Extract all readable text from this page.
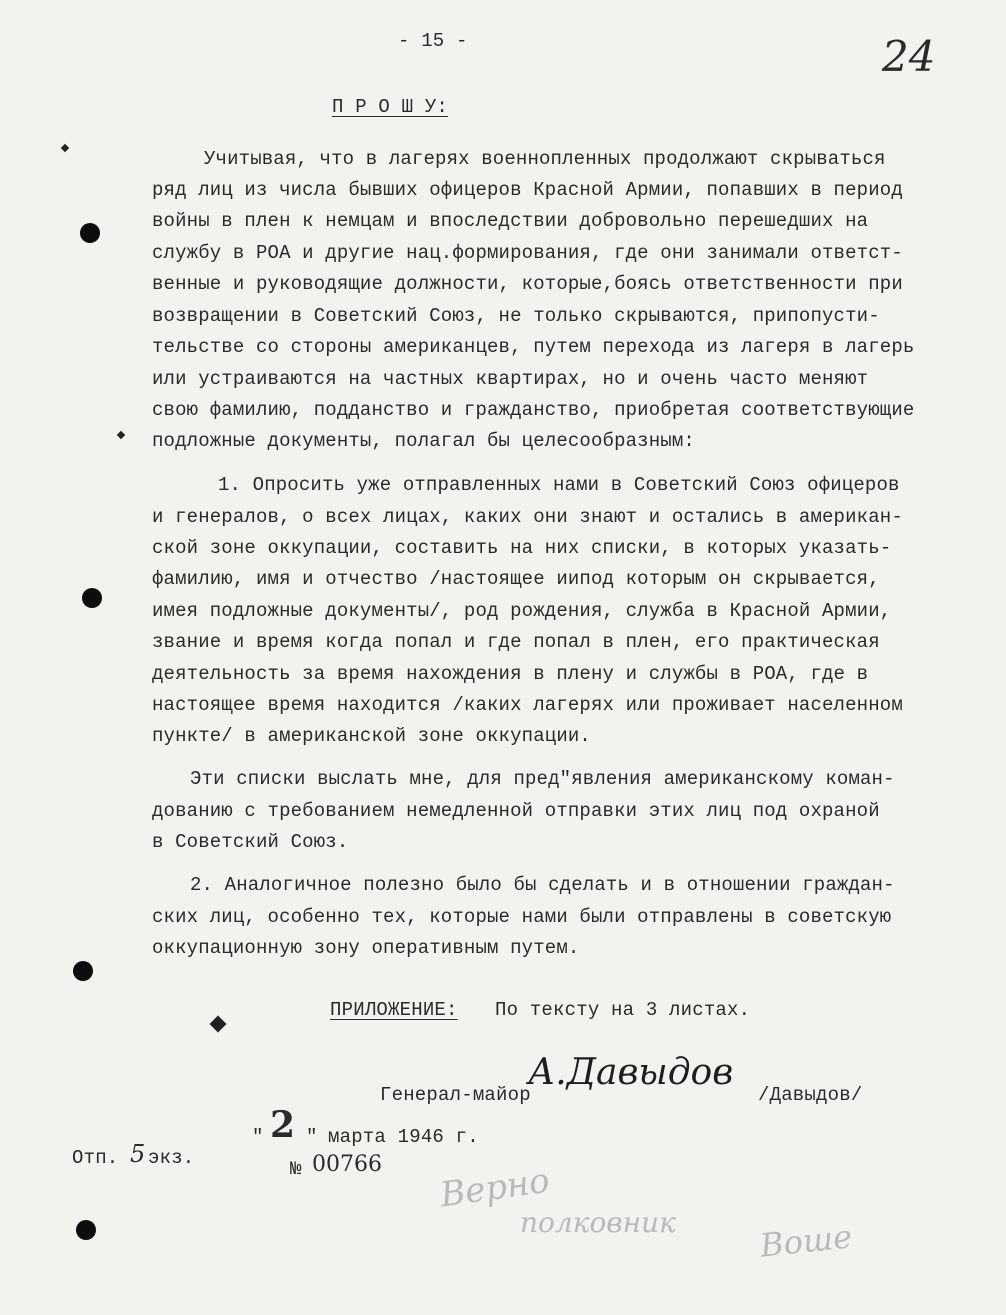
- 15 -	24
П Р О Ш У:
Учитывая, что в лагерях военнопленных продолжают скрываться
ряд лиц из числа бывших офицеров Красной Армии, попавших в период
войны в плен к немцам и впоследствии добровольно перешедших на
службу в РОА и другие нац.формирования, где они занимали ответст-
венные и руководящие должности, которые,боясь ответственности при
возвращении в Советский Союз, не только скрываются, припопусти-
тельстве со стороны американцев, путем перехода из лагеря в лагерь
или устраиваются на частных квартирах, но и очень часто меняют
свою фамилию, подданство и гражданство, приобретая соответствующие
подложные документы, полагал бы целесообразным:
1. Опросить уже отправленных нами в Советский Союз офицеров
и генералов, о всех лицах, каких они знают и остались в американ-
ской зоне оккупации, составить на них списки, в которых указать-
фамилию, имя и отчество /настоящее иипод которым он скрывается,
имея подложные документы/, род рождения, служба в Красной Армии,
звание и время когда попал и где попал в плен, его практическая
деятельность за время нахождения в плену и службы в РОА, где в
настоящее время находится /каких лагерях или проживает населенном
пункте/ в американской зоне оккупации.
Эти списки выслать мне, для пред"явления американскому коман-
дованию с требованием немедленной отправки этих лиц под охраной
в Советский Союз.
2. Аналогичное полезно было бы сделать и в отношении граждан-
ских лиц, особенно тех, которые нами были отправлены в советскую
оккупационную зону оперативным путем.
ПРИЛОЖЕНИЕ: По тексту на 3 листах.
Генерал-майор
А.Давыдов
/Давыдов/
" 2 " марта 1946 г.
№ 00766
Отп. 5 экз.
Верно
полковник	Воше
